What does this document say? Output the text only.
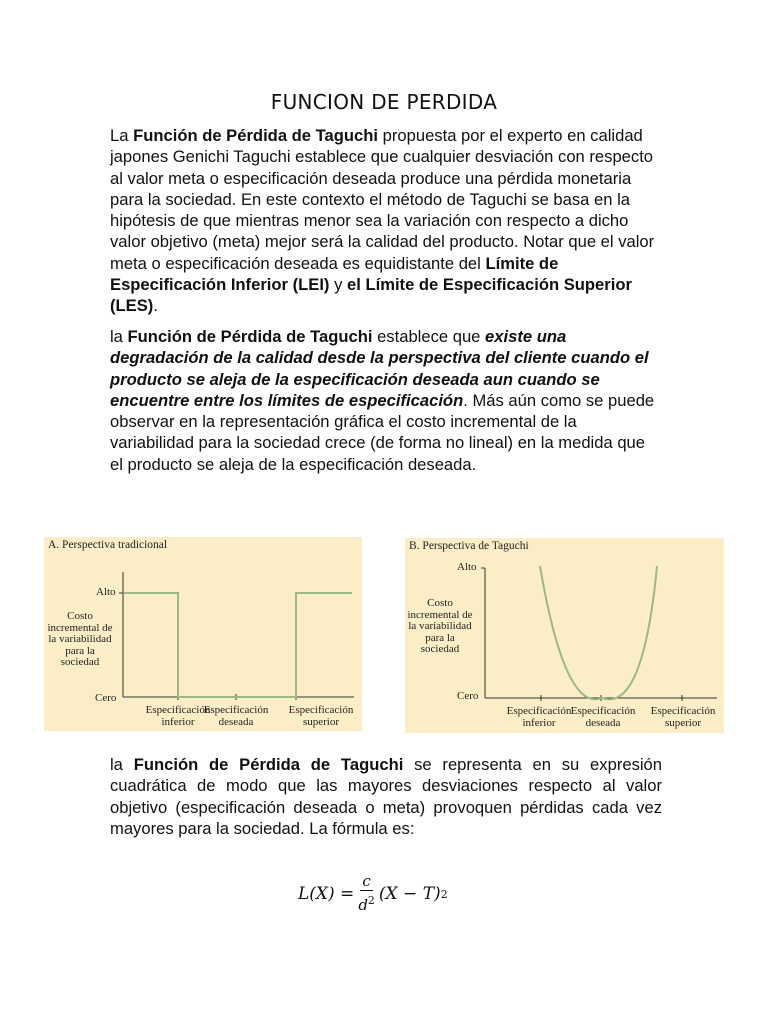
FUNCION DE PERDIDA

La Función de Pérdida de Taguchi propuesta por el experto en calidad japones Genichi Taguchi establece que cualquier desviación con respecto al valor meta o especificación deseada produce una pérdida monetaria para la sociedad. En este contexto el método de Taguchi se basa en la hipótesis de que mientras menor sea la variación con respecto a dicho valor objetivo (meta) mejor será la calidad del producto. Notar que el valor meta o especificación deseada es equidistante del Límite de Especificación Inferior (LEI) y el Límite de Especificación Superior (LES).

la Función de Pérdida de Taguchi establece que existe una degradación de la calidad desde la perspectiva del cliente cuando el producto se aleja de la especificación deseada aun cuando se encuentre entre los límites de especificación. Más aún como se puede observar en la representación gráfica el costo incremental de la variabilidad para la sociedad crece (de forma no lineal) en la medida que el producto se aleja de la especificación deseada.

A. Perspectiva tradicional
Alto
Cero
Costo incremental de la variabilidad para la sociedad
Especificación inferior
Especificación deseada
Especificación superior
B. Perspectiva de Taguchi
Alto
Cero
Costo incremental de la variabilidad para la sociedad
Especificación inferior
Especificación deseada
Especificación superior

la Función de Pérdida de Taguchi se representa en su expresión cuadrática de modo que las mayores desviaciones respecto al valor objetivo (especificación deseada o meta) provoquen pérdidas cada vez mayores para la sociedad. La fórmula es:

$L(X) = \frac{c}{d^2} (X - T)$ 2
